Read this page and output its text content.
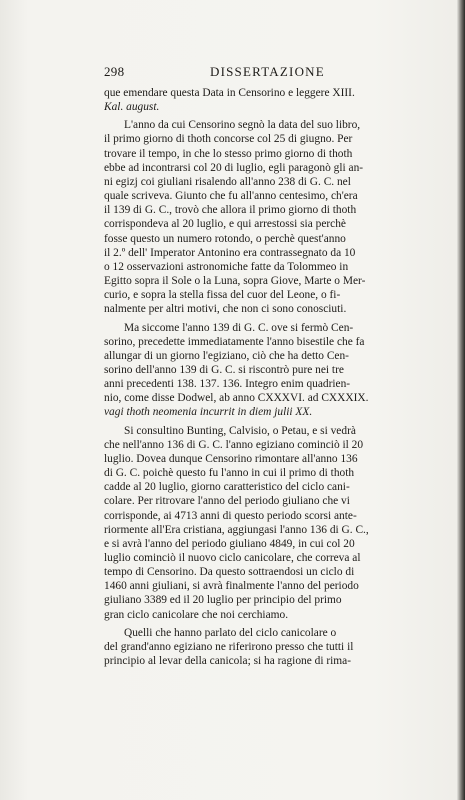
298	DISSERTAZIONE
que emendare questa Data in Censorino e leggere XIII.
Kal. august.
L'anno da cui Censorino segnò la data del suo libro,
il primo giorno di thoth concorse col 25 di giugno. Per
trovare il tempo, in che lo stesso primo giorno di thoth
ebbe ad incontrarsi col 20 di luglio, egli paragonò gli an-
ni egizj coi giuliani risalendo all'anno 238 di G. C. nel
quale scriveva. Giunto che fu all'anno centesimo, ch'era
il 139 di G. C., trovò che allora il primo giorno di thoth
corrispondeva al 20 luglio, e qui arrestossi sia perchè
fosse questo un numero rotondo, o perchè quest'anno
il 2.º dell' Imperator Antonino era contrassegnato da 10
o 12 osservazioni astronomiche fatte da Tolommeo in
Egitto sopra il Sole o la Luna, sopra Giove, Marte o Mer-
curio, e sopra la stella fissa del cuor del Leone, o fi-
nalmente per altri motivi, che non ci sono conosciuti.
Ma siccome l'anno 139 di G. C. ove si fermò Cen-
sorino, precedette immediatamente l'anno bisestile che fa
allungar di un giorno l'egiziano, ciò che ha detto Cen-
sorino dell'anno 139 di G. C. si riscontrò pure nei tre
anni precedenti 138. 137. 136. Integro enim quadrien-
nio, come disse Dodwel, ab anno CXXXVI. ad CXXXIX.
vagi thoth neomenia incurrit in diem julii XX.
Si consultino Bunting, Calvisio, o Petau, e si vedrà
che nell'anno 136 di G. C. l'anno egiziano cominciò il 20
luglio. Dovea dunque Censorino rimontare all'anno 136
di G. C. poichè questo fu l'anno in cui il primo di thoth
cadde al 20 luglio, giorno caratteristico del ciclo cani-
colare. Per ritrovare l'anno del periodo giuliano che vi
corrisponde, ai 4713 anni di questo periodo scorsi ante-
riormente all'Era cristiana, aggiungasi l'anno 136 di G. C.,
e si avrà l'anno del periodo giuliano 4849, in cui col 20
luglio cominciò il nuovo ciclo canicolare, che correva al
tempo di Censorino. Da questo sottraendosi un ciclo di
1460 anni giuliani, si avrà finalmente l'anno del periodo
giuliano 3389 ed il 20 luglio per principio del primo
gran ciclo canicolare che noi cerchiamo.
Quelli che hanno parlato del ciclo canicolare o
del grand'anno egiziano ne riferirono presso che tutti il
principio al levar della canicola; si ha ragione di rima-
